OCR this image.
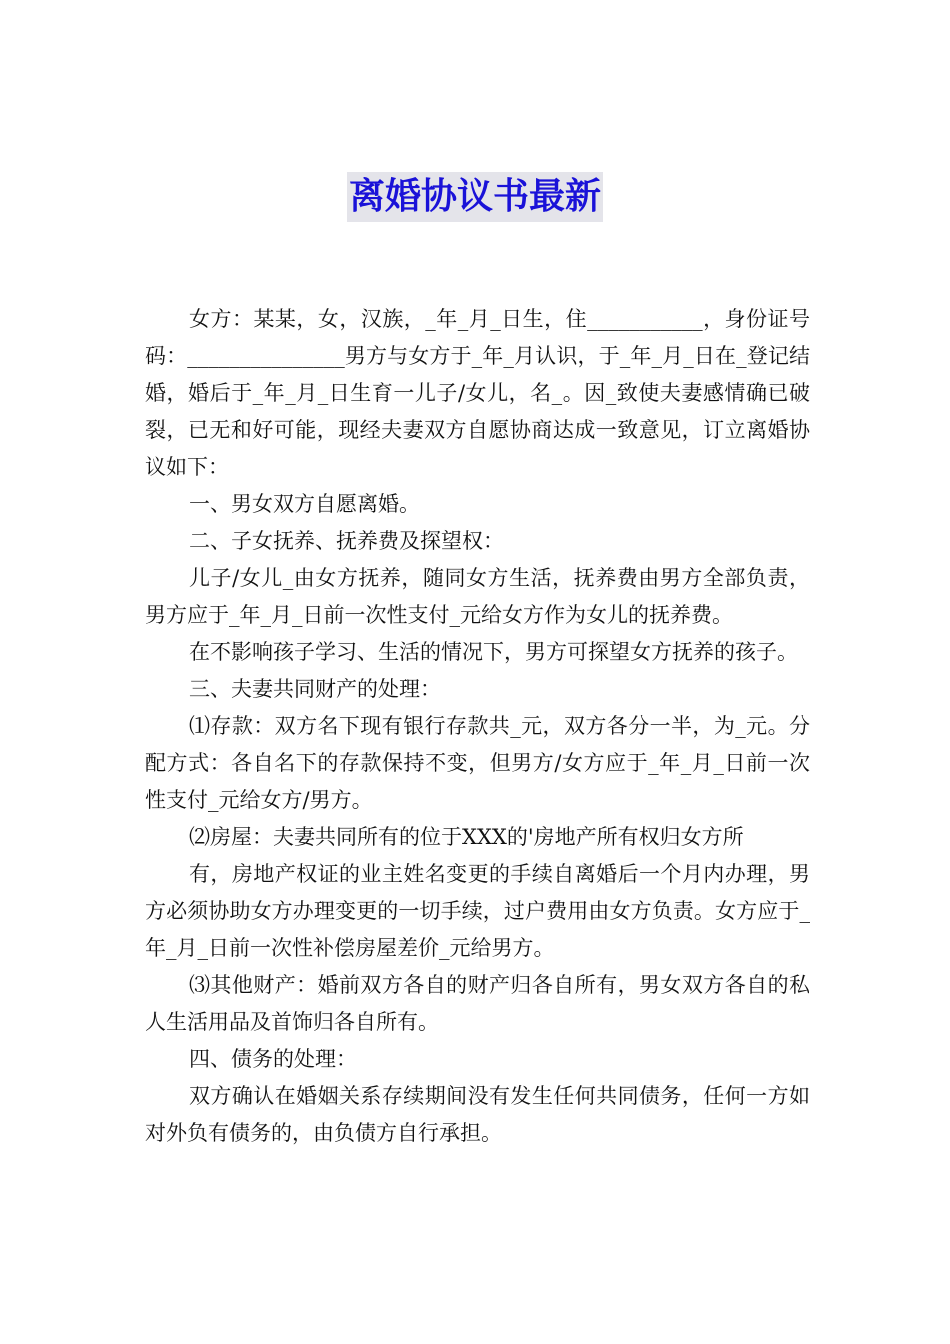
离婚协议书最新

女方：某某，女，汉族，_年_月_日生，住___________，身份证号码：_______________男方与女方于_年_月认识，于_年_月_日在_登记结婚，婚后于_年_月_日生育一儿子/女儿，名_。因_致使夫妻感情确已破裂，已无和好可能，现经夫妻双方自愿协商达成一致意见，订立离婚协议如下：

一、男女双方自愿离婚。

二、子女抚养、抚养费及探望权：

儿子/女儿_由女方抚养，随同女方生活，抚养费由男方全部负责，男方应于_年_月_日前一次性支付_元给女方作为女儿的抚养费。

在不影响孩子学习、生活的情况下，男方可探望女方抚养的孩子。

三、夫妻共同财产的处理：

⑴存款：双方名下现有银行存款共_元，双方各分一半，为_元。分配方式：各自名下的存款保持不变，但男方/女方应于_年_月_日前一次性支付_元给女方/男方。

⑵房屋：夫妻共同所有的位于XXX的'房地产所有权归女方所

有，房地产权证的业主姓名变更的手续自离婚后一个月内办理，男方必须协助女方办理变更的一切手续，过户费用由女方负责。女方应于_年_月_日前一次性补偿房屋差价_元给男方。

⑶其他财产：婚前双方各自的财产归各自所有，男女双方各自的私人生活用品及首饰归各自所有。

四、债务的处理：

双方确认在婚姻关系存续期间没有发生任何共同债务，任何一方如对外负有债务的，由负债方自行承担。
